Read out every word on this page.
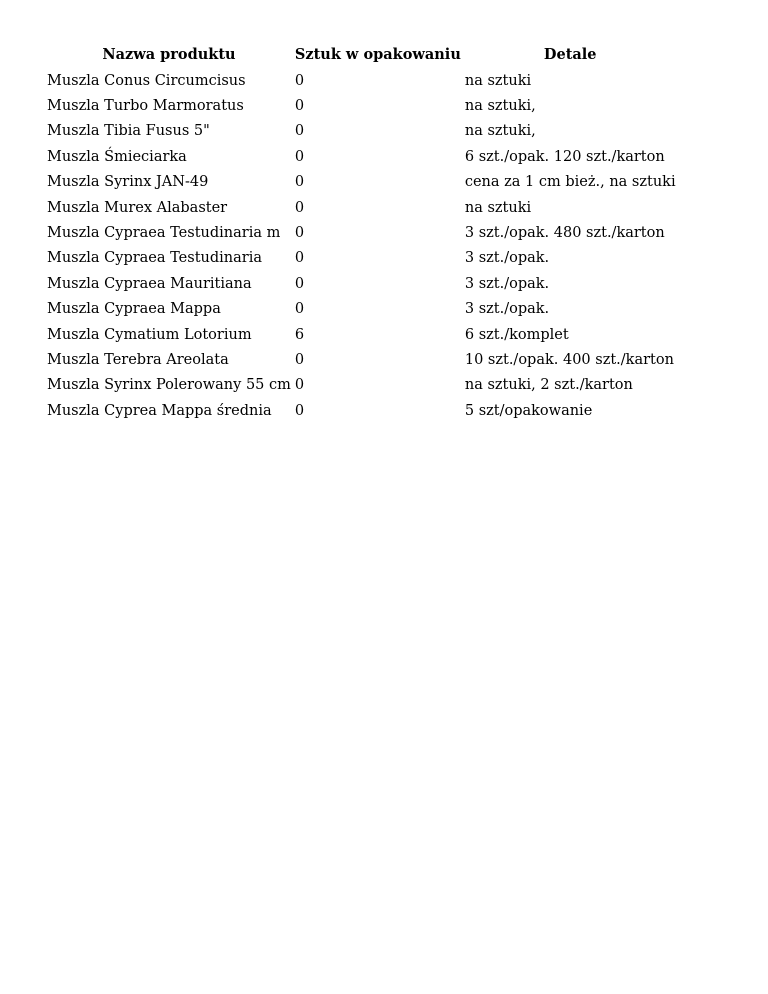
Nazwa produktu	Sztuk w opakowaniu	Detale
Muszla Conus Circumcisus	0	na sztuki
Muszla Turbo Marmoratus	0	na sztuki,
Muszla Tibia Fusus 5"	0	na sztuki,
Muszla Śmieciarka	0	6 szt./opak. 120 szt./karton
Muszla Syrinx JAN-49	0	cena za 1 cm bież., na sztuki
Muszla Murex Alabaster	0	na sztuki
Muszla Cypraea Testudinaria m	0	3 szt./opak. 480 szt./karton
Muszla Cypraea Testudinaria	0	3 szt./opak.
Muszla Cypraea Mauritiana	0	3 szt./opak.
Muszla Cypraea Mappa	0	3 szt./opak.
Muszla Cymatium Lotorium	6	6 szt./komplet
Muszla Terebra Areolata	0	10 szt./opak. 400 szt./karton
Muszla Syrinx Polerowany 55 cm	0	na sztuki, 2 szt./karton
Muszla Cyprea Mappa średnia	0	5 szt/opakowanie
